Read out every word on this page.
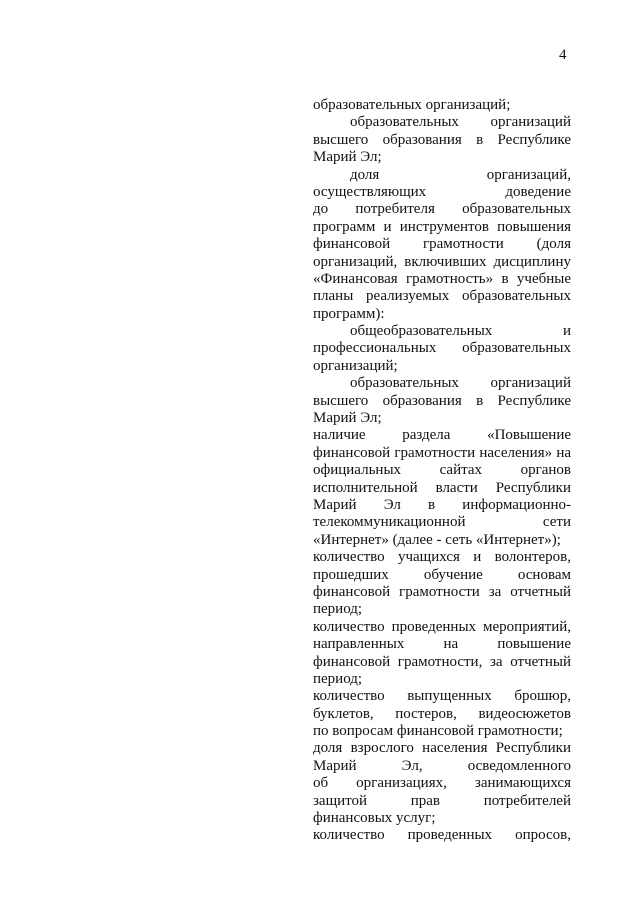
4
образовательных организаций;
образовательных организаций
высшего образования в Республике
Марий Эл;
доля организаций,
осуществляющих доведение
до потребителя образовательных
программ и инструментов повышения
финансовой грамотности (доля
организаций, включивших дисциплину
«Финансовая грамотность» в учебные
планы реализуемых образовательных
программ):
общеобразовательных и
профессиональных образовательных
организаций;
образовательных организаций
высшего образования в Республике
Марий Эл;
наличие раздела «Повышение
финансовой грамотности населения» на
официальных сайтах органов
исполнительной власти Республики
Марий Эл в информационно-
телекоммуникационной сети
«Интернет» (далее - сеть «Интернет»);
количество учащихся и волонтеров,
прошедших обучение основам
финансовой грамотности за отчетный
период;
количество проведенных мероприятий,
направленных на повышение
финансовой грамотности, за отчетный
период;
количество выпущенных брошюр,
буклетов, постеров, видеосюжетов
по вопросам финансовой грамотности;
доля взрослого населения Республики
Марий Эл, осведомленного
об организациях, занимающихся
защитой прав потребителей
финансовых услуг;
количество проведенных опросов,
